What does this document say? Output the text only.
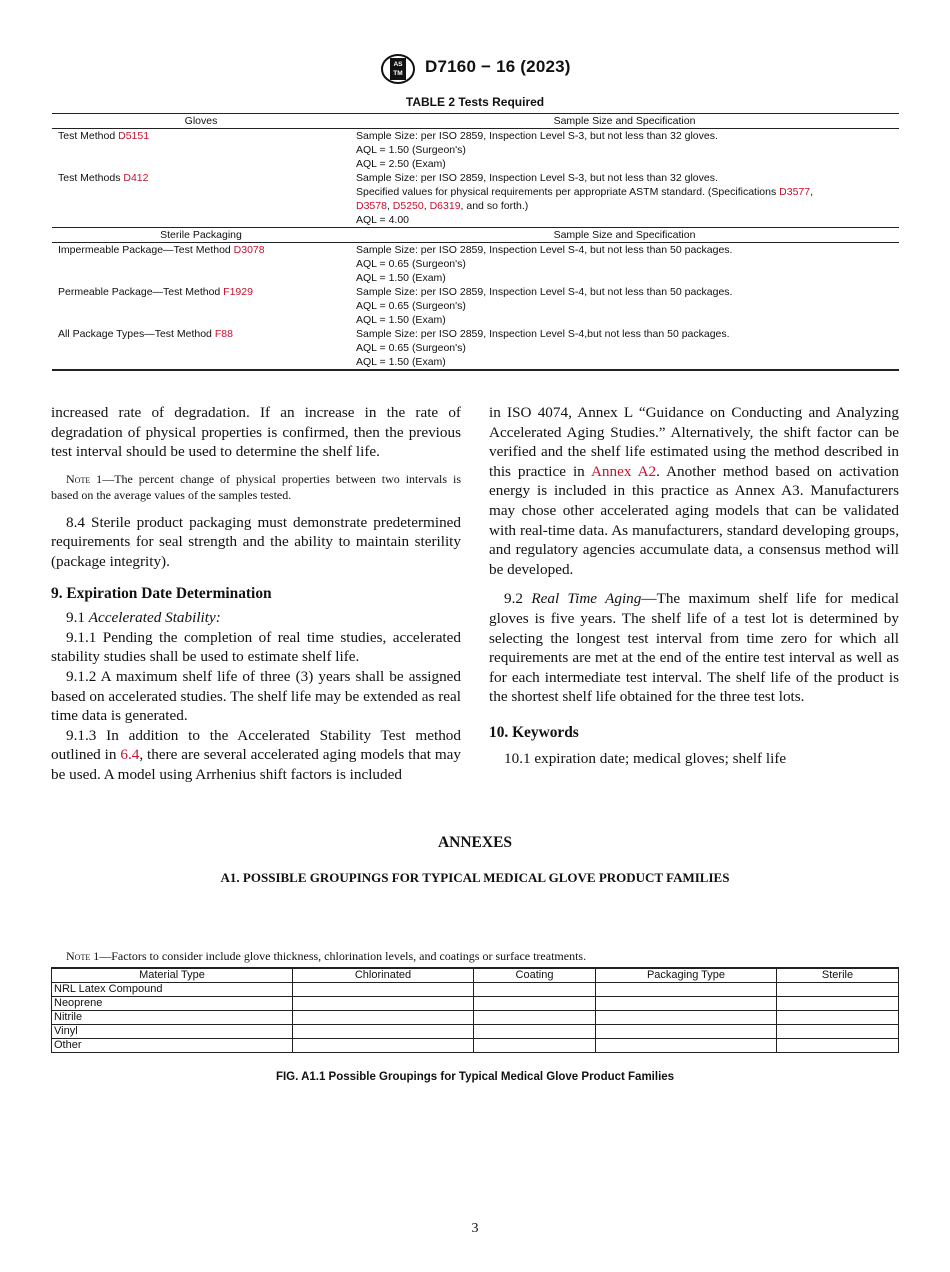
AS
TM D7160 − 16 (2023)
TABLE 2 Tests Required
Gloves	Sample Size and Specification
Test Method D5151	Sample Size: per ISO 2859, Inspection Level S-3, but not less than 32 gloves.
AQL = 1.50 (Surgeon's)
AQL = 2.50 (Exam)
Test Methods D412	Sample Size: per ISO 2859, Inspection Level S-3, but not less than 32 gloves.
Specified values for physical requirements per appropriate ASTM standard. (Specifications D3577,
D3578, D5250, D6319, and so forth.)
AQL = 4.00
Sterile Packaging	Sample Size and Specification
Impermeable Package—Test Method D3078	Sample Size: per ISO 2859, Inspection Level S-4, but not less than 50 packages.
AQL = 0.65 (Surgeon's)
AQL = 1.50 (Exam)
Permeable Package—Test Method F1929	Sample Size: per ISO 2859, Inspection Level S-4, but not less than 50 packages.
AQL = 0.65 (Surgeon's)
AQL = 1.50 (Exam)
All Package Types—Test Method F88	Sample Size: per ISO 2859, Inspection Level S-4,but not less than 50 packages.
AQL = 0.65 (Surgeon's)
AQL = 1.50 (Exam)

increased rate of degradation. If an increase in the rate of degradation of physical properties is confirmed, then the previous test interval should be used to determine the shelf life.

Note 1—The percent change of physical properties between two intervals is based on the average values of the samples tested.

8.4 Sterile product packaging must demonstrate predetermined requirements for seal strength and the ability to maintain sterility (package integrity).

9. Expiration Date Determination

9.1 Accelerated Stability:

9.1.1 Pending the completion of real time studies, accelerated stability studies shall be used to estimate shelf life.

9.1.2 A maximum shelf life of three (3) years shall be assigned based on accelerated studies. The shelf life may be extended as real time data is generated.

9.1.3 In addition to the Accelerated Stability Test method outlined in 6.4, there are several accelerated aging models that may be used. A model using Arrhenius shift factors is included

in ISO 4074, Annex L “Guidance on Conducting and Analyzing Accelerated Aging Studies.” Alternatively, the shift factor can be verified and the shelf life estimated using the method described in this practice in Annex A2. Another method based on activation energy is included in this practice as Annex A3. Manufacturers may chose other accelerated aging models that can be validated with real-time data. As manufacturers, standard developing groups, and regulatory agencies accumulate data, a consensus method will be developed.

9.2 Real Time Aging—The maximum shelf life for medical gloves is five years. The shelf life of a test lot is determined by selecting the longest test interval from time zero for which all requirements are met at the end of the entire test interval as well as for each intermediate test interval. The shelf life of the product is the shortest shelf life obtained for the three test lots.

10. Keywords

10.1 expiration date; medical gloves; shelf life

ANNEXES
A1. POSSIBLE GROUPINGS FOR TYPICAL MEDICAL GLOVE PRODUCT FAMILIES
Note 1—Factors to consider include glove thickness, chlorination levels, and coatings or surface treatments.
Material Type	Chlorinated	Coating	Packaging Type	Sterile
NRL Latex Compound				
Neoprene				
Nitrile				
Vinyl				
Other				
FIG. A1.1 Possible Groupings for Typical Medical Glove Product Families
3
